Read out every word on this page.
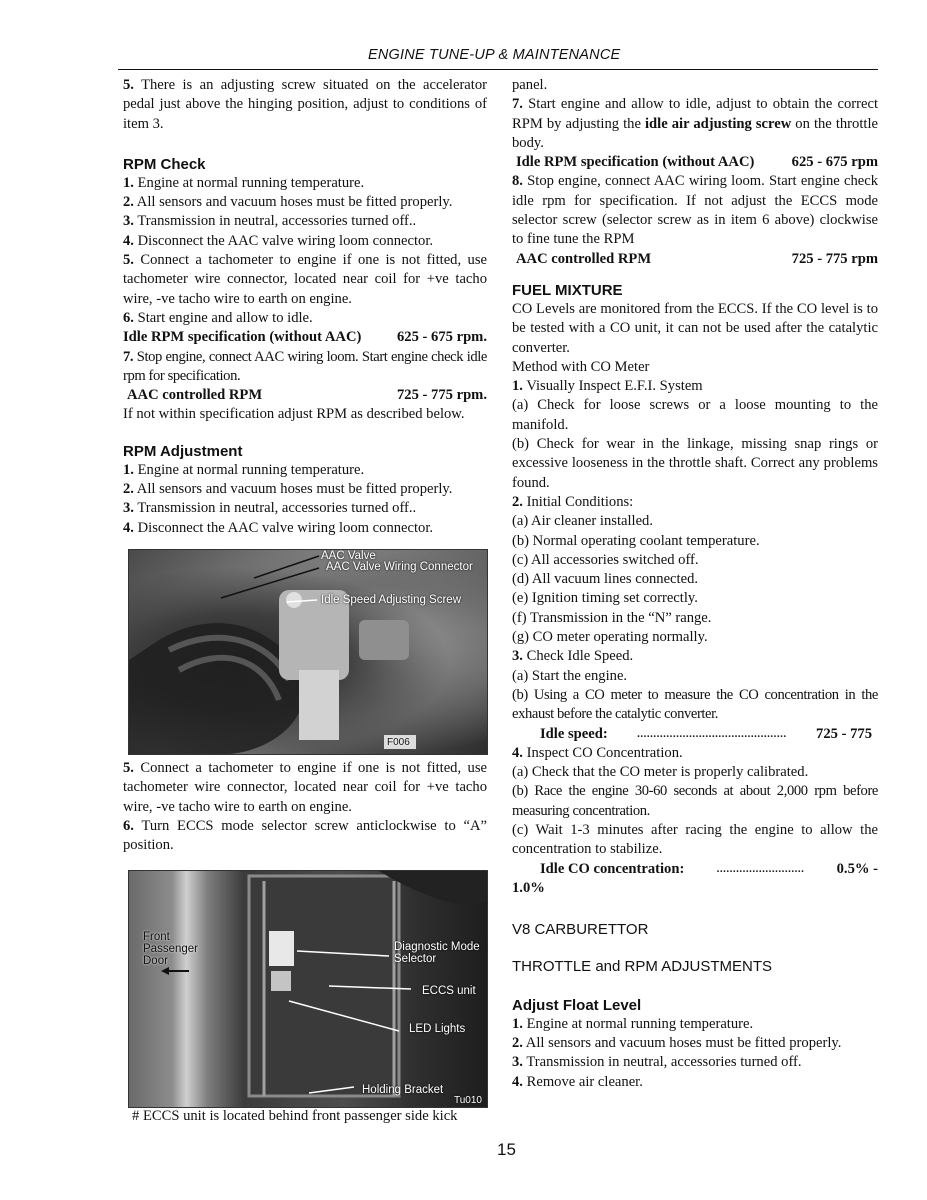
ENGINE TUNE-UP & MAINTENANCE

5. There is an adjusting screw situated on the accelerator pedal just above the hinging position, adjust to conditions of item 3.

RPM Check

1. Engine at normal running temperature.

2. All sensors and vacuum hoses must be fitted properly.

3. Transmission in neutral, accessories turned off..

4. Disconnect the AAC valve wiring loom connector.

5. Connect a tachometer to engine if one is not fitted, use tachometer wire connector, located near coil for +ve tacho wire, -ve tacho wire to earth on engine.

6. Start engine and allow to idle.

Idle RPM specification (without AAC) 625 - 675 rpm.

7. Stop engine, connect AAC wiring loom. Start engine check idle rpm for specification.

AAC controlled RPM	725 - 775 rpm.

If not within specification adjust RPM as described below.

RPM Adjustment

1. Engine at normal running temperature.

2. All sensors and vacuum hoses must be fitted properly.

3. Transmission in neutral, accessories turned off..

4. Disconnect the AAC valve wiring loom connector.

AAC Valve
AAC Valve Wiring Connector
Idle Speed Adjusting Screw
F006

5. Connect a tachometer to engine if one is not fitted, use tachometer wire connector, located near coil for +ve tacho wire, -ve tacho wire to earth on engine.

6. Turn ECCS mode selector screw anticlockwise to “A” position.

Front Passenger Door
Diagnostic Mode Selector
ECCS unit
LED Lights
Holding Bracket
Tu010

# ECCS unit is located behind front passenger side kick

panel.

7. Start engine and allow to idle, adjust to obtain the correct RPM by adjusting the idle air adjusting screw on the throttle body.

Idle RPM specification (without AAC)	625 - 675 rpm

8. Stop engine, connect AAC wiring loom. Start engine check idle rpm for specification. If not adjust the ECCS mode selector screw (selector screw as in item 6 above) clockwise to fine tune the RPM

AAC controlled RPM	725 - 775 rpm

FUEL MIXTURE

CO Levels are monitored from the ECCS. If the CO level is to be tested with a CO unit, it can not be used after the catalytic converter.

Method with CO Meter

1. Visually Inspect E.F.I. System

(a) Check for loose screws or a loose mounting to the manifold.

(b) Check for wear in the linkage, missing snap rings or excessive looseness in the throttle shaft. Correct any problems found.

2. Initial Conditions:

(a) Air cleaner installed.

(b) Normal operating coolant temperature.

(c) All accessories switched off.

(d) All vacuum lines connected.

(e) Ignition timing set correctly.

(f) Transmission in the “N” range.

(g) CO meter operating normally.

3. Check Idle Speed.

(a) Start the engine.

(b) Using a CO meter to measure the CO concentration in the exhaust before the catalytic converter.

Idle speed:	.............................................. 725 - 775

4. Inspect CO Concentration.

(a) Check that the CO meter is properly calibrated.

(b) Race the engine 30-60 seconds at about 2,000 rpm before measuring concentration.

(c) Wait 1-3 minutes after racing the engine to allow the concentration to stabilize.

Idle CO concentration:	........................... 0.5% -

1.0%

V8 CARBURETTOR

THROTTLE and RPM ADJUSTMENTS

Adjust Float Level

1. Engine at normal running temperature.

2. All sensors and vacuum hoses must be fitted properly.

3. Transmission in neutral, accessories turned off.

4. Remove air cleaner.

15
